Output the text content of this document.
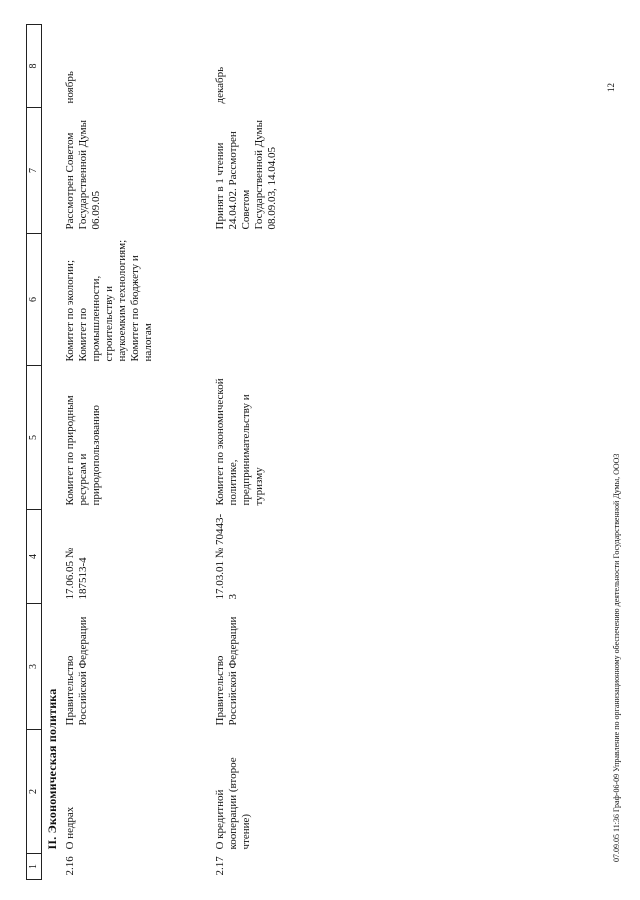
1	2	3	4	5	6	7	8
	II. Экономическая политика						
2.16	О недрах	Правительство Российской Федерации	17.06.05 № 187513-4	Комитет по природным ресурсам и природопользованию	Комитет по экологии; Комитет по промышленности, строительству и наукоемким технологиям; Комитет по бюджету и налогам	Рассмотрен Советом Государственной Думы 06.09.05	ноябрь
2.17	О кредитной кооперации (второе чтение)	Правительство Российской Федерации	17.03.01 № 70443-3	Комитет по экономической политике, предпринимательству и туризму		Принят в 1 чтении 24.04.02. Рассмотрен Советом Государственной Думы 08.09.03, 14.04.05	декабрь	12
07.09.05 11:36 Граф-06-09 Управление по организационному обеспечению деятельности Государственной Думы, ООО3
